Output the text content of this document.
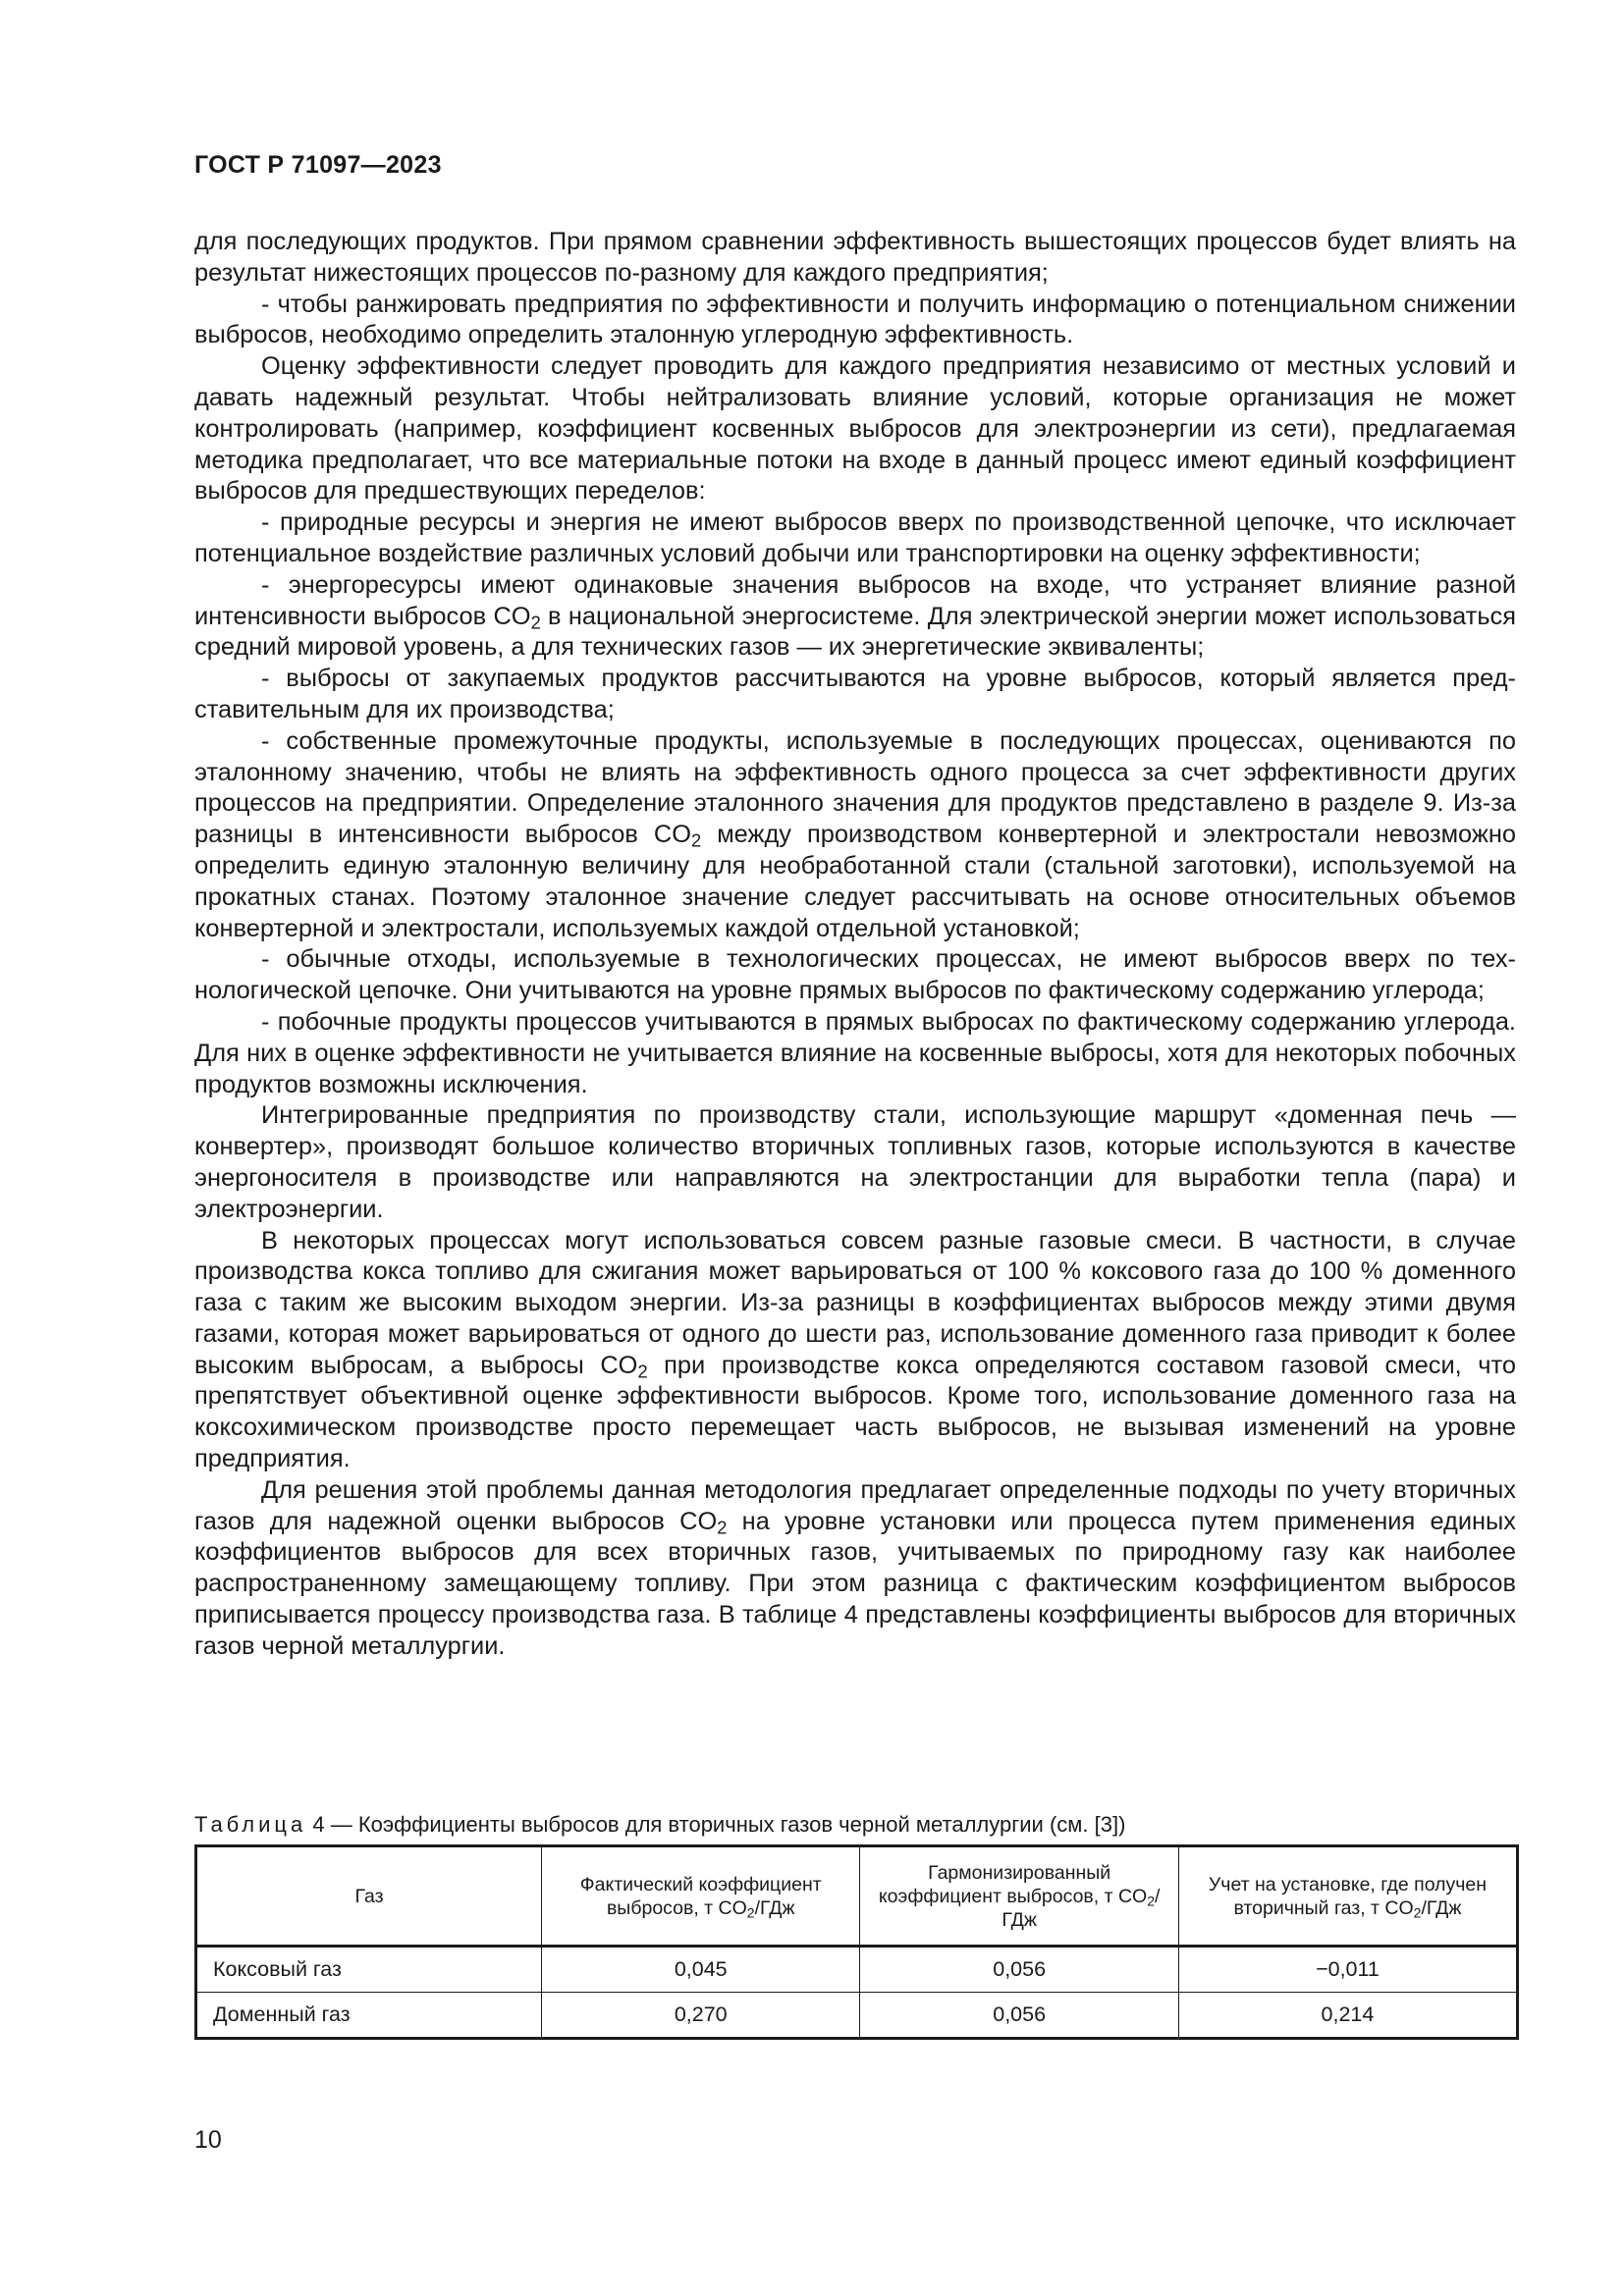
ГОСТ Р 71097—2023

для последующих продуктов. При прямом сравнении эффективность вышестоящих процессов будет влиять на результат нижестоящих процессов по-разному для каждого предприятия;

- чтобы ранжировать предприятия по эффективности и получить информацию о потенциальном снижении выбросов, необходимо определить эталонную углеродную эффективность.

Оценку эффективности следует проводить для каждого предприятия независимо от местных условий и давать надежный результат. Чтобы нейтрализовать влияние условий, которые организация не может контролировать (например, коэффициент косвенных выбросов для электроэнергии из сети), предлагаемая методика предполагает, что все материальные потоки на входе в данный процесс имеют единый коэффициент выбросов для предшествующих переделов:

- природные ресурсы и энергия не имеют выбросов вверх по производственной цепочке, что исключает потенциальное воздействие различных условий добычи или транспортировки на оценку эффективности;

- энергоресурсы имеют одинаковые значения выбросов на входе, что устраняет влияние разной интенсивности выбросов $CO_2$ в национальной энергосистеме. Для электрической энергии может использоваться средний мировой уровень, а для технических газов — их энергетические эквиваленты;

- выбросы от закупаемых продуктов рассчитываются на уровне выбросов, который является представительным для их производства;

- собственные промежуточные продукты, используемые в последующих процессах, оцениваются по эталонному значению, чтобы не влиять на эффективность одного процесса за счет эффективности других процессов на предприятии. Определение эталонного значения для продуктов представлено в разделе 9. Из-за разницы в интенсивности выбросов $CO_2$ между производством конвертерной и электростали невозможно определить единую эталонную величину для необработанной стали (стальной заготовки), используемой на прокатных станах. Поэтому эталонное значение следует рассчитывать на основе относительных объемов конвертерной и электростали, используемых каждой отдельной установкой;

- обычные отходы, используемые в технологических процессах, не имеют выбросов вверх по технологической цепочке. Они учитываются на уровне прямых выбросов по фактическому содержанию углерода;

- побочные продукты процессов учитываются в прямых выбросах по фактическому содержанию углерода. Для них в оценке эффективности не учитывается влияние на косвенные выбросы, хотя для некоторых побочных продуктов возможны исключения.

Интегрированные предприятия по производству стали, использующие маршрут «доменная печь — конвертер», производят большое количество вторичных топливных газов, которые используются в качестве энергоносителя в производстве или направляются на электростанции для выработки тепла (пара) и электроэнергии.

В некоторых процессах могут использоваться совсем разные газовые смеси. В частности, в случае производства кокса топливо для сжигания может варьироваться от 100 % коксового газа до 100 % доменного газа с таким же высоким выходом энергии. Из-за разницы в коэффициентах выбросов между этими двумя газами, которая может варьироваться от одного до шести раз, использование доменного газа приводит к более высоким выбросам, а выбросы $CO_2$ при производстве кокса определяются составом газовой смеси, что препятствует объективной оценке эффективности выбросов. Кроме того, использование доменного газа на коксохимическом производстве просто перемещает часть выбросов, не вызывая изменений на уровне предприятия.

Для решения этой проблемы данная методология предлагает определенные подходы по учету вторичных газов для надежной оценки выбросов $CO_2$ на уровне установки или процесса путем применения единых коэффициентов выбросов для всех вторичных газов, учитываемых по природному газу как наиболее распространенному замещающему топливу. При этом разница с фактическим коэффициентом выбросов приписывается процессу производства газа. В таблице 4 представлены коэффициенты выбросов для вторичных газов черной металлургии.

Таблица 4 — Коэффициенты выбросов для вторичных газов черной металлургии (см. [3])
Газ	Фактический коэффициент выбросов, т $CO_2$/ГДж	Гармонизированный коэффициент выбросов, т $CO_2$/ГДж	Учет на установке, где получен вторичный газ, т $CO_2$/ГДж
Коксовый газ	0,045	0,056	−0,011
Доменный газ	0,270	0,056	0,214
10
